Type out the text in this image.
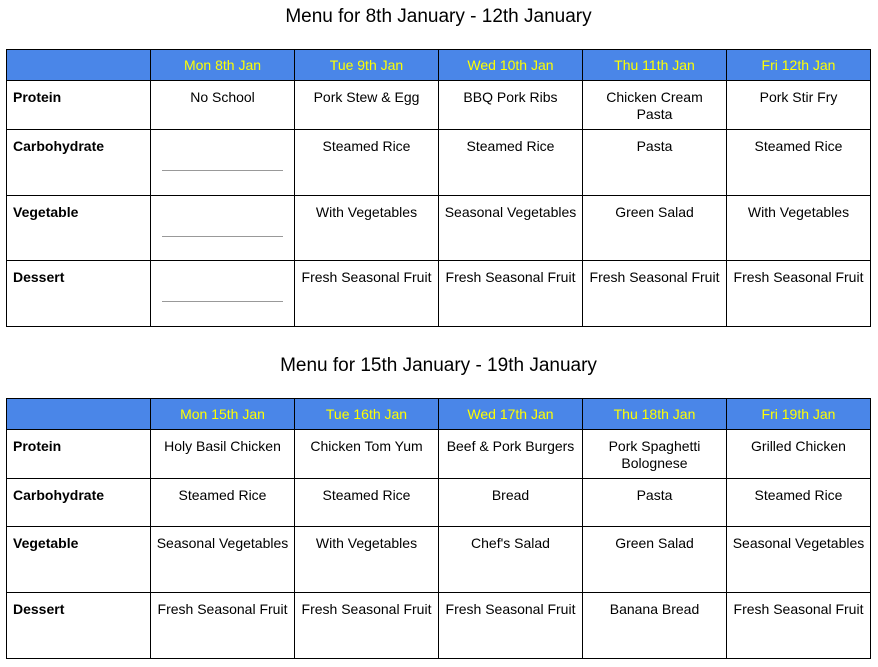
Menu for 8th January - 12th January
	Mon 8th Jan	Tue 9th Jan	Wed 10th Jan	Thu 11th Jan	Fri 12th Jan
Protein	No School	Pork Stew & Egg	BBQ Pork Ribs	Chicken Cream Pasta	Pork Stir Fry
Carbohydrate		Steamed Rice	Steamed Rice	Pasta	Steamed Rice
Vegetable		With Vegetables	Seasonal Vegetables	Green Salad	With Vegetables
Dessert		Fresh Seasonal Fruit	Fresh Seasonal Fruit	Fresh Seasonal Fruit	Fresh Seasonal Fruit
Menu for 15th January - 19th January
	Mon 15th Jan	Tue 16th Jan	Wed 17th Jan	Thu 18th Jan	Fri 19th Jan
Protein	Holy Basil Chicken	Chicken Tom Yum	Beef & Pork Burgers	Pork Spaghetti Bolognese	Grilled Chicken
Carbohydrate	Steamed Rice	Steamed Rice	Bread	Pasta	Steamed Rice
Vegetable	Seasonal Vegetables	With Vegetables	Chef's Salad	Green Salad	Seasonal Vegetables
Dessert	Fresh Seasonal Fruit	Fresh Seasonal Fruit	Fresh Seasonal Fruit	Banana Bread	Fresh Seasonal Fruit
